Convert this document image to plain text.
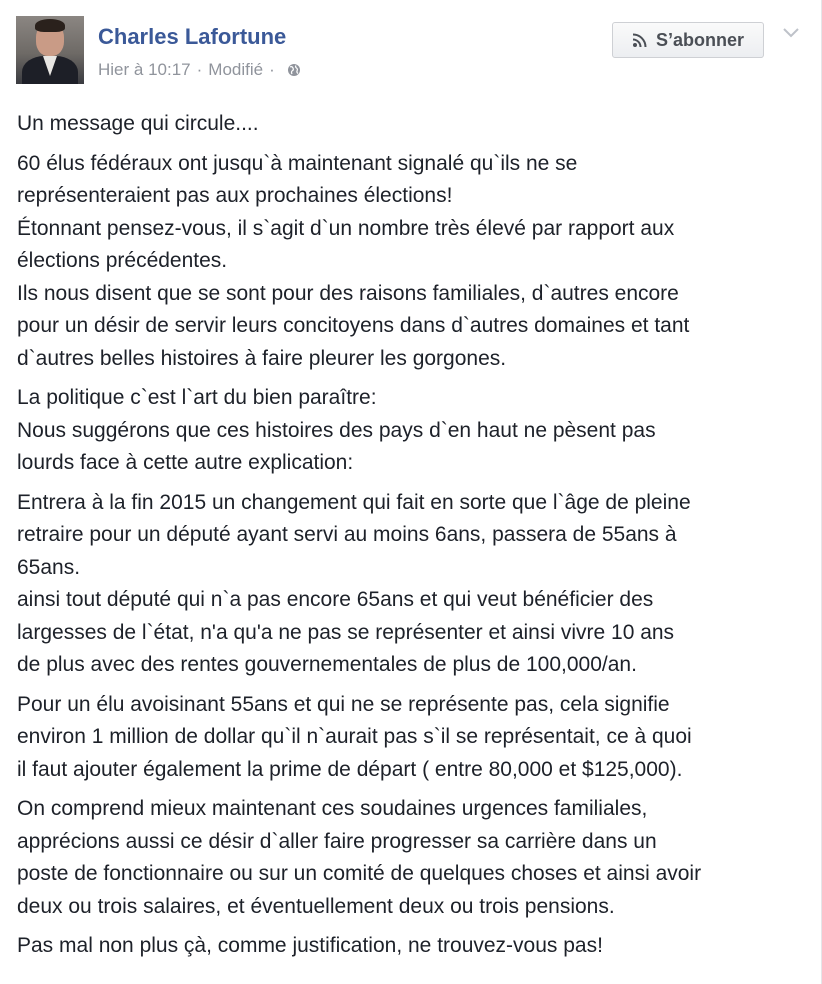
Charles Lafortune
Hier à 10:17 · Modifié ·
S’abonner

Un message qui circule....

60 élus fédéraux ont jusqu`à maintenant signalé qu`ils ne se
représenteraient pas aux prochaines élections!
Étonnant pensez-vous, il s`agit d`un nombre très élevé par rapport aux
élections précédentes.
Ils nous disent que se sont pour des raisons familiales, d`autres encore
pour un désir de servir leurs concitoyens dans d`autres domaines et tant
d`autres belles histoires à faire pleurer les gorgones.

La politique c`est l`art du bien paraître:
Nous suggérons que ces histoires des pays d`en haut ne pèsent pas
lourds face à cette autre explication:

Entrera à la fin 2015 un changement qui fait en sorte que l`âge de pleine
retraire pour un député ayant servi au moins 6ans, passera de 55ans à
65ans.
ainsi tout député qui n`a pas encore 65ans et qui veut bénéficier des
largesses de l`état, n'a qu'a ne pas se représenter et ainsi vivre 10 ans
de plus avec des rentes gouvernementales de plus de 100,000/an.

Pour un élu avoisinant 55ans et qui ne se représente pas, cela signifie
environ 1 million de dollar qu`il n`aurait pas s`il se représentait, ce à quoi
il faut ajouter également la prime de départ ( entre 80,000 et $125,000).

On comprend mieux maintenant ces soudaines urgences familiales,
apprécions aussi ce désir d`aller faire progresser sa carrière dans un
poste de fonctionnaire ou sur un comité de quelques choses et ainsi avoir
deux ou trois salaires, et éventuellement deux ou trois pensions.

Pas mal non plus çà, comme justification, ne trouvez-vous pas!
